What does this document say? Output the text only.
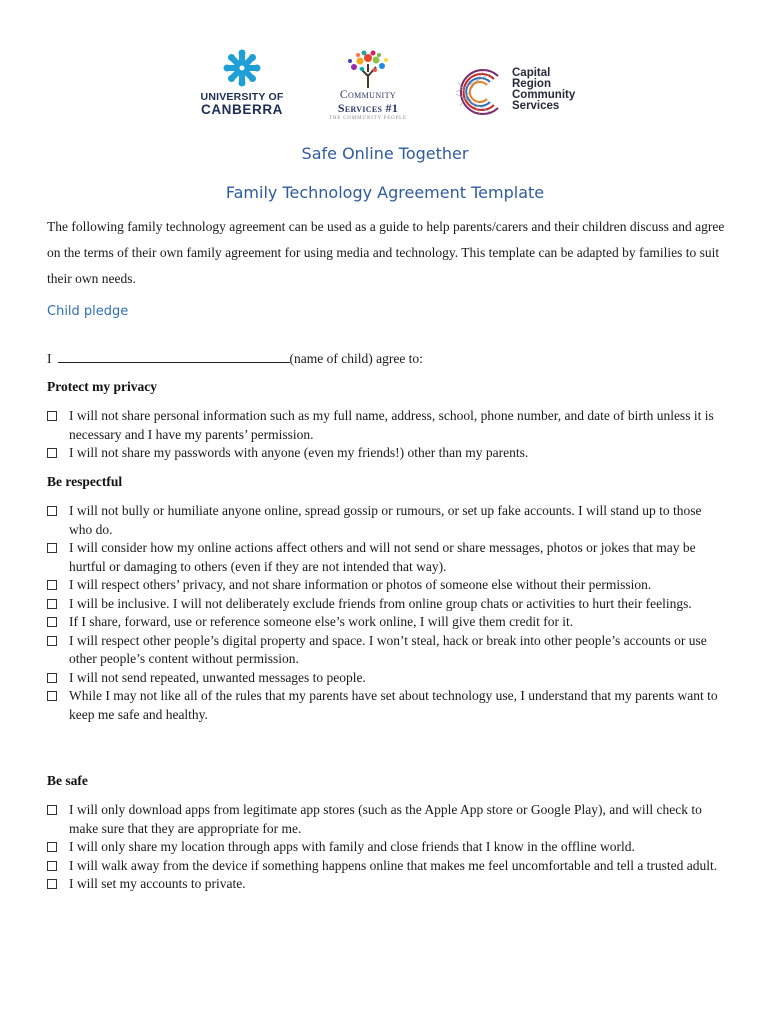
UNIVERSITY OF
CANBERRA
Community
Services #1
THE COMMUNITY PEOPLE
Capital
Region
Community
Services
Safe Online Together
Family Technology Agreement Template

The following family technology agreement can be used as a guide to help parents/carers and their children discuss and agree on the terms of their own family agreement for using media and technology. This template can be adapted by families to suit their own needs.

Child pledge
I	(name of child) agree to:
Protect my privacy
I will not share personal information such as my full name, address, school, phone number, and date of birth unless it is necessary and I have my parents’ permission.
I will not share my passwords with anyone (even my friends!) other than my parents.
Be respectful
I will not bully or humiliate anyone online, spread gossip or rumours, or set up fake accounts. I will stand up to those who do.
I will consider how my online actions affect others and will not send or share messages, photos or jokes that may be hurtful or damaging to others (even if they are not intended that way).
I will respect others’ privacy, and not share information or photos of someone else without their permission.
I will be inclusive. I will not deliberately exclude friends from online group chats or activities to hurt their feelings.
If I share, forward, use or reference someone else’s work online, I will give them credit for it.
I will respect other people’s digital property and space. I won’t steal, hack or break into other people’s accounts or use other people’s content without permission.
I will not send repeated, unwanted messages to people.
While I may not like all of the rules that my parents have set about technology use, I understand that my parents want to keep me safe and healthy.
Be safe
I will only download apps from legitimate app stores (such as the Apple App store or Google Play), and will check to make sure that they are appropriate for me.
I will only share my location through apps with family and close friends that I know in the offline world.
I will walk away from the device if something happens online that makes me feel uncomfortable and tell a trusted adult.
I will set my accounts to private.
